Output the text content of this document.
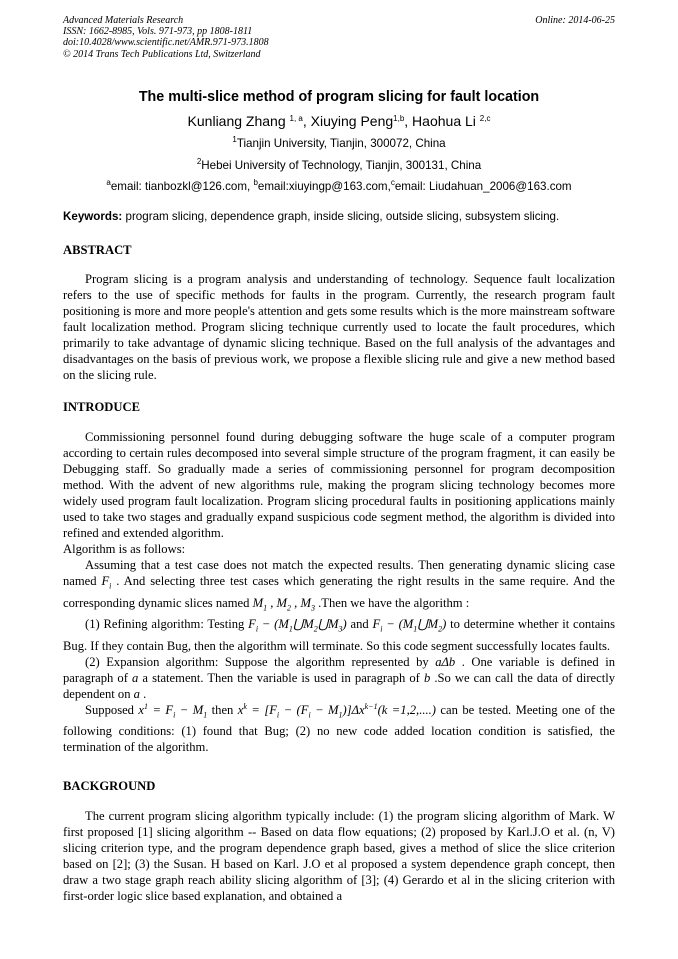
Advanced Materials Research
ISSN: 1662-8985, Vols. 971-973, pp 1808-1811
doi:10.4028/www.scientific.net/AMR.971-973.1808
© 2014 Trans Tech Publications Ltd, Switzerland
Online: 2014-06-25
The multi-slice method of program slicing for fault location
Kunliang Zhang $^{1, a}$, Xiuying Peng$^{1,b}$, Haohua Li $^{2,c}$
$^1$Tianjin University, Tianjin, 300072, China
$^2$Hebei University of Technology, Tianjin, 300131, China
$^a$email: tianbozkl@126.com, $^b$email:xiuyingp@163.com,$^c$email: Liudahuan_2006@163.com
Keywords: program slicing, dependence graph, inside slicing, outside slicing, subsystem slicing.
ABSTRACT

Program slicing is a program analysis and understanding of technology. Sequence fault localization refers to the use of specific methods for faults in the program. Currently, the research program fault positioning is more and more people's attention and gets some results which is the more mainstream software fault localization method. Program slicing technique currently used to locate the fault procedures, which primarily to take advantage of dynamic slicing technique. Based on the full analysis of the advantages and disadvantages on the basis of previous work, we propose a flexible slicing rule and give a new method based on the slicing rule.

INTRODUCE

Commissioning personnel found during debugging software the huge scale of a computer program according to certain rules decomposed into several simple structure of the program fragment, it can easily be Debugging staff. So gradually made a series of commissioning personnel for program decomposition method. With the advent of new algorithms rule, making the program slicing technology becomes more widely used program fault localization. Program slicing procedural faults in positioning applications mainly used to take two stages and gradually expand suspicious code segment method, the algorithm is divided into refined and extended algorithm.

Algorithm is as follows:

Assuming that a test case does not match the expected results. Then generating dynamic slicing case named $F_i$ . And selecting three test cases which generating the right results in the same require. And the corresponding dynamic slices named $M_1$ , $M_2$ , $M_3$ .Then we have the algorithm :

(1) Refining algorithm: Testing $F_i$ − $(M_1⋃M_2⋃M_3)$ and $F_i$ − $(M_1⋃M_2)$ to determine whether it contains Bug. If they contain Bug, then the algorithm will terminate. So this code segment successfully locates faults.

(2) Expansion algorithm: Suppose the algorithm represented by aΔb . One variable is defined in paragraph of a a statement. Then the variable is used in paragraph of b .So we can call the data of directly dependent on a .

Supposed $x^1 = F_i - M_1$ then $x^k = [F_i - (F_i - M_1)]\Delta x^{k-1}(k =1,2,....)$ can be tested. Meeting one of the following conditions: (1) found that Bug; (2) no new code added location condition is satisfied, the termination of the algorithm.

BACKGROUND

The current program slicing algorithm typically include: (1) the program slicing algorithm of Mark. W first proposed [1] slicing algorithm -- Based on data flow equations; (2) proposed by Karl.J.O et al. (n, V) slicing criterion type, and the program dependence graph based, gives a method of slice the slice criterion based on [2]; (3) the Susan. H based on Karl. J.O et al proposed a system dependence graph concept, then draw a two stage graph reach ability slicing algorithm of [3]; (4) Gerardo et al in the slicing criterion with first-order logic slice based explanation, and obtained a
